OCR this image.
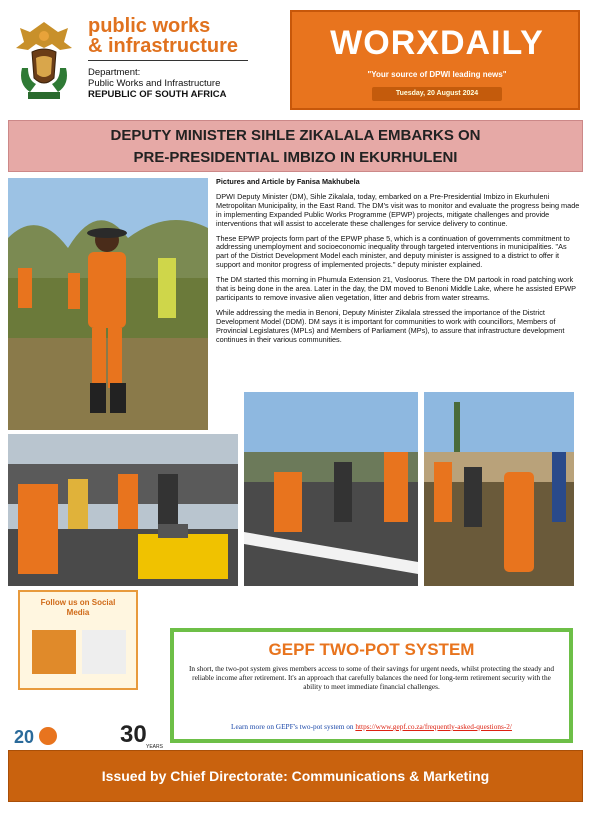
public works
& infrastructure
Department:
Public Works and Infrastructure
REPUBLIC OF SOUTH AFRICA
WORXDAILY
"Your source of DPWI leading news"
Tuesday, 20 August 2024
DEPUTY MINISTER SIHLE ZIKALALA EMBARKS ON
PRE-PRESIDENTIAL IMBIZO IN EKURHULENI

Pictures and Article by Fanisa Makhubela

DPWI Deputy Minister (DM), Sihle Zikalala, today, embarked on a Pre-Presidential Imbizo in Ekurhuleni Metropolitan Municipality, in the East Rand. The DM's visit was to monitor and evaluate the progress being made in implementing Expanded Public Works Programme (EPWP) projects, mitigate challenges and provide interventions that will assist to accelerate these challenges for service delivery to continue.

These EPWP projects form part of the EPWP phase 5, which is a continuation of governments commitment to addressing unemployment and socioeconomic inequality through targeted interventions in municipalities. "As part of the District Development Model each minister, and deputy minister is assigned to a district to offer it support and monitor progress of implemented projects." deputy minister explained.

The DM started this morning in Phumula Extension 21, Vosloorus. There the DM partook in road patching work that is being done in the area. Later in the day, the DM moved to Benoni Middle Lake, where he assisted EPWP participants to remove invasive alien vegetation, litter and debris from water streams.

While addressing the media in Benoni, Deputy Minister Zikalala stressed the importance of the District Development Model (DDM). DM says it is important for communities to work with councillors, Members of Provincial Legislatures (MPLs) and Members of Parliament (MPs), to assure that infrastructure development continues in their various communities.

Follow us on Social
Media
GEPF TWO-POT SYSTEM
In short, the two-pot system gives members access to some of their savings for urgent needs, whilst protecting the steady and
reliable income after retirement. It's an approach that carefully balances the need for long-term retirement security with the
ability to meet immediate financial challenges.
Learn more on GEPF's two-pot system on https://www.gepf.co.za/frequently-asked-questions-2/
20	30 YEARS
Issued by Chief Directorate: Communications & Marketing
